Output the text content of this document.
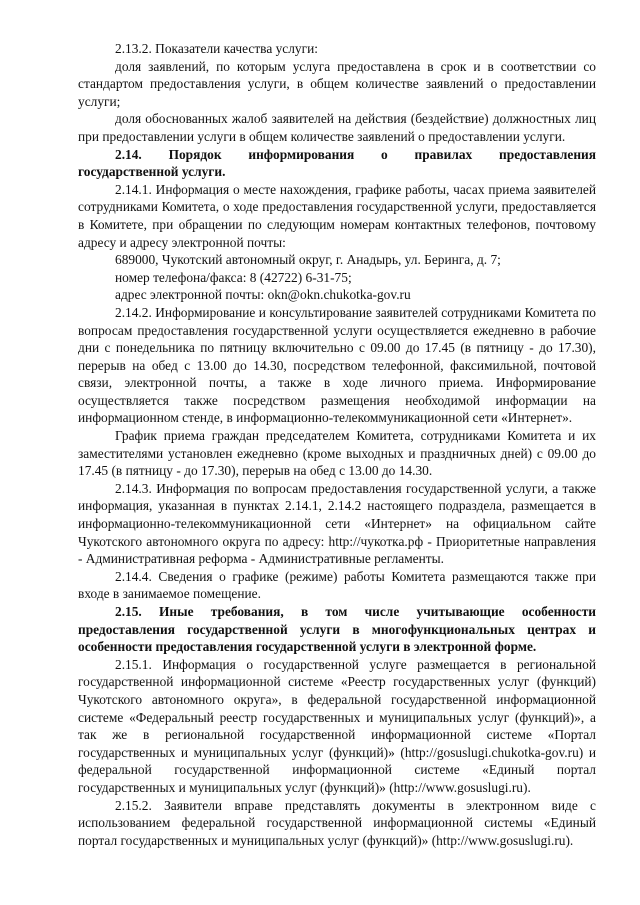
2.13.2. Показатели качества услуги:

доля заявлений, по которым услуга предоставлена в срок и в соответствии со стандартом предоставления услуги, в общем количестве заявлений о предоставлении услуги;

доля обоснованных жалоб заявителей на действия (бездействие) должностных лиц при предоставлении услуги в общем количестве заявлений о предоставлении услуги.

2.14. Порядок информирования о правилах предоставления

государственной услуги.

2.14.1. Информация о месте нахождения, графике работы, часах приема заявителей сотрудниками Комитета, о ходе предоставления государственной услуги, предоставляется в Комитете, при обращении по следующим номерам контактных телефонов, почтовому адресу и адресу электронной почты:

689000, Чукотский автономный округ, г. Анадырь, ул. Беринга, д. 7;

номер телефона/факса: 8 (42722) 6-31-75;

адрес электронной почты: okn@okn.chukotka-gov.ru

2.14.2. Информирование и консультирование заявителей сотрудниками Комитета по вопросам предоставления государственной услуги осуществляется ежедневно в рабочие дни с понедельника по пятницу включительно с 09.00 до 17.45 (в пятницу - до 17.30), перерыв на обед с 13.00 до 14.30, посредством телефонной, факсимильной, почтовой связи, электронной почты, а также в ходе личного приема. Информирование осуществляется также посредством размещения необходимой информации на информационном стенде, в информационно-телекоммуникационной сети «Интернет».

График приема граждан председателем Комитета, сотрудниками Комитета и их заместителями установлен ежедневно (кроме выходных и праздничных дней) с 09.00 до 17.45 (в пятницу - до 17.30), перерыв на обед с 13.00 до 14.30.

2.14.3. Информация по вопросам предоставления государственной услуги, а также информация, указанная в пунктах 2.14.1, 2.14.2 настоящего подраздела, размещается в информационно-телекоммуникационной сети «Интернет» на официальном сайте Чукотского автономного округа по адресу: http://чукотка.рф - Приоритетные направления - Административная реформа - Административные регламенты.

2.14.4. Сведения о графике (режиме) работы Комитета размещаются также при входе в занимаемое помещение.

2.15. Иные требования, в том числе учитывающие особенности предоставления государственной услуги в многофункциональных центрах и особенности предоставления государственной услуги в электронной форме.

2.15.1. Информация о государственной услуге размещается в региональной государственной информационной системе «Реестр государственных услуг (функций) Чукотского автономного округа», в федеральной государственной информационной системе «Федеральный реестр государственных и муниципальных услуг (функций)», а так же в региональной государственной информационной системе «Портал государственных и муниципальных услуг (функций)» (http://gosuslugi.chukotka-gov.ru) и федеральной государственной информационной системе «Единый портал государственных и муниципальных услуг (функций)» (http://www.gosuslugi.ru).

2.15.2. Заявители вправе представлять документы в электронном виде с использованием федеральной государственной информационной системы «Единый портал государственных и муниципальных услуг (функций)» (http://www.gosuslugi.ru).
